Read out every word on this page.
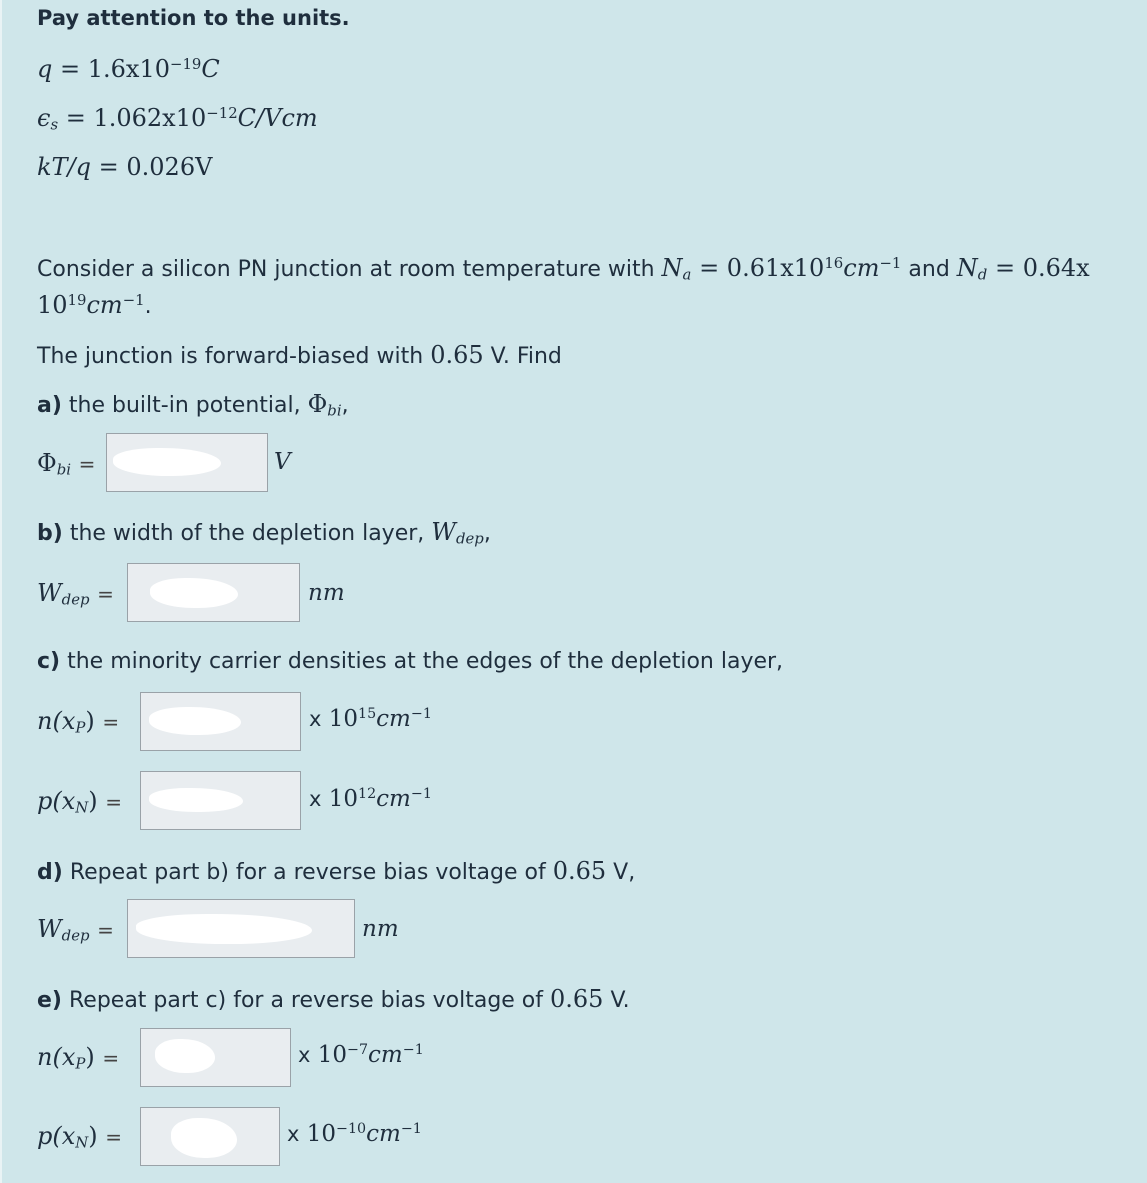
Pay attention to the units.
$q = 1.6x10^{-19}C$
$\epsilon_s = 1.062x10^{-12}C/Vcm$
kT/q = 0.026V
Consider a silicon PN junction at room temperature with $N_a = 0.61x10^{16}cm^{-1}$ and $N_d = 0.64x$
$10^{19}cm^{-1}$.
The junction is forward-biased with 0.65 V. Find
a) the built-in potential, $\Phi_{bi}$,
$\Phi_{bi}$ =	V
b) the width of the depletion layer, $W_{dep}$,
$W_{dep}$ =	nm
c) the minority carrier densities at the edges of the depletion layer,
$n(x_P)$ =	x $10^{15}cm^{-1}$
$p(x_N)$ =	x $10^{12}cm^{-1}$
d) Repeat part b) for a reverse bias voltage of 0.65 V,
$W_{dep}$ =	nm
e) Repeat part c) for a reverse bias voltage of 0.65 V.
$n(x_P)$ =	x $10^{-7}cm^{-1}$
$p(x_N)$ =	x $10^{-10}cm^{-1}$
